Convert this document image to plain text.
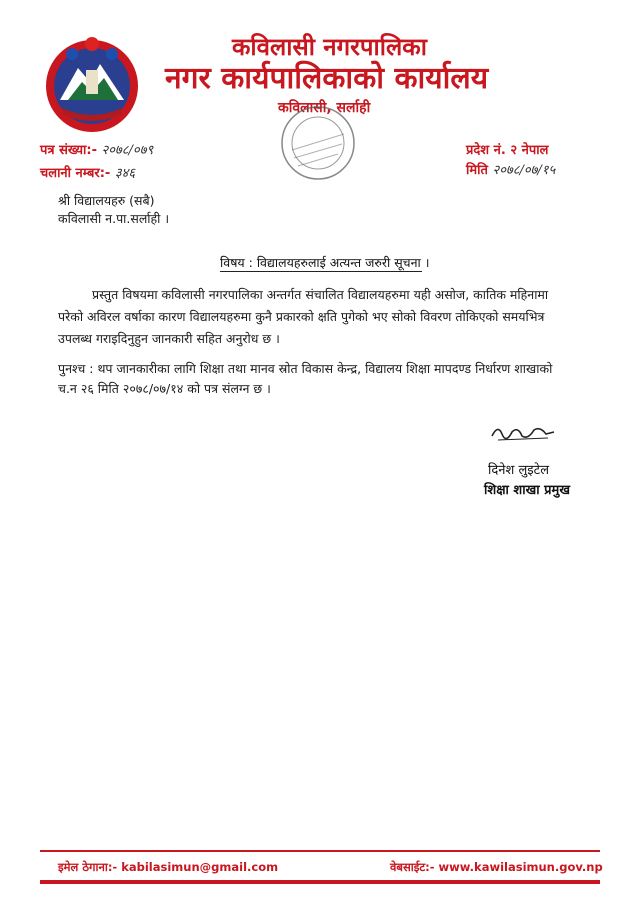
कविलासी नगरपालिका
नगर कार्यपालिकाको कार्यालय
कविलासी, सर्लाही
पत्र संख्या:- २०७८/०७९
चलानी नम्बर:- ३४६
प्रदेश नं. २ नेपाल
मिति २०७८/०७/१५
श्री विद्यालयहरु (सबै)
कविलासी न.पा.सर्लाही ।
विषय : विद्यालयहरुलाई अत्यन्त जरुरी सूचना ।
प्रस्तुत विषयमा कविलासी नगरपालिका अन्तर्गत संचालित विद्यालयहरुमा यही असोज, कातिक महिनामा
परेको अविरल वर्षाका कारण विद्यालयहरुमा कुनै प्रकारको क्षति पुगेको भए सोको विवरण तोकिएको समयभित्र
उपलब्ध गराइदिनुहुन जानकारी सहित अनुरोध छ ।
पुनश्च : थप जानकारीका लागि शिक्षा तथा मानव स्रोत विकास केन्द्र, विद्यालय शिक्षा मापदण्ड निर्धारण शाखाको
च.न २६ मिति २०७८/०७/१४ को पत्र संलग्न छ ।
दिनेश लुइटेल
शिक्षा शाखा प्रमुख
इमेल ठेगाना:- kabilasimun@gmail.com	वेबसाईट:- www.kawilasimun.gov.np
